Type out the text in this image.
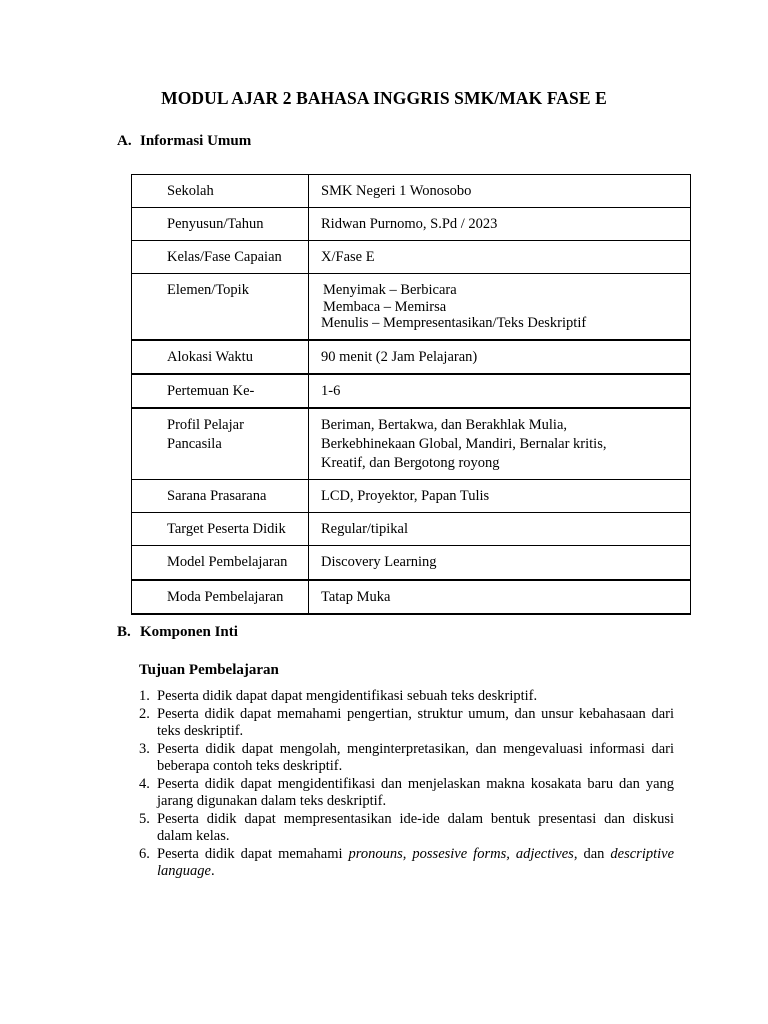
MODUL AJAR 2 BAHASA INGGRIS SMK/MAK FASE E
A. Informasi Umum
Sekolah	SMK Negeri 1 Wonosobo
Penyusun/Tahun	Ridwan Purnomo, S.Pd / 2023
Kelas/Fase Capaian	X/Fase E
Elemen/Topik	Menyimak – Berbicara
Membaca – Memirsa
Menulis – Mempresentasikan/Teks Deskriptif

Alokasi Waktu	90 menit (2 Jam Pelajaran)
Pertemuan Ke-	1-6

Profil Pelajar
Pancasila	Beriman, Bertakwa, dan Berakhlak Mulia,
Berkebhinekaan Global, Mandiri, Bernalar kritis,
Kreatif, dan Bergotong royong

Sarana Prasarana	LCD, Proyektor, Papan Tulis
Target Peserta Didik	Regular/tipikal
Model Pembelajaran	Discovery Learning
Moda Pembelajaran	Tatap Muka
B. Komponen Inti
Tujuan Pembelajaran
1. Peserta didik dapat dapat mengidentifikasi sebuah teks deskriptif.
2. Peserta didik dapat memahami pengertian, struktur umum, dan unsur kebahasaan dari teks deskriptif.
3. Peserta didik dapat mengolah, menginterpretasikan, dan mengevaluasi informasi dari beberapa contoh teks deskriptif.
4. Peserta didik dapat mengidentifikasi dan menjelaskan makna kosakata baru dan yang jarang digunakan dalam teks deskriptif.
5. Peserta didik dapat mempresentasikan ide-ide dalam bentuk presentasi dan diskusi dalam kelas.
6. Peserta didik dapat memahami pronouns, possesive forms, adjectives, dan descriptive language.
